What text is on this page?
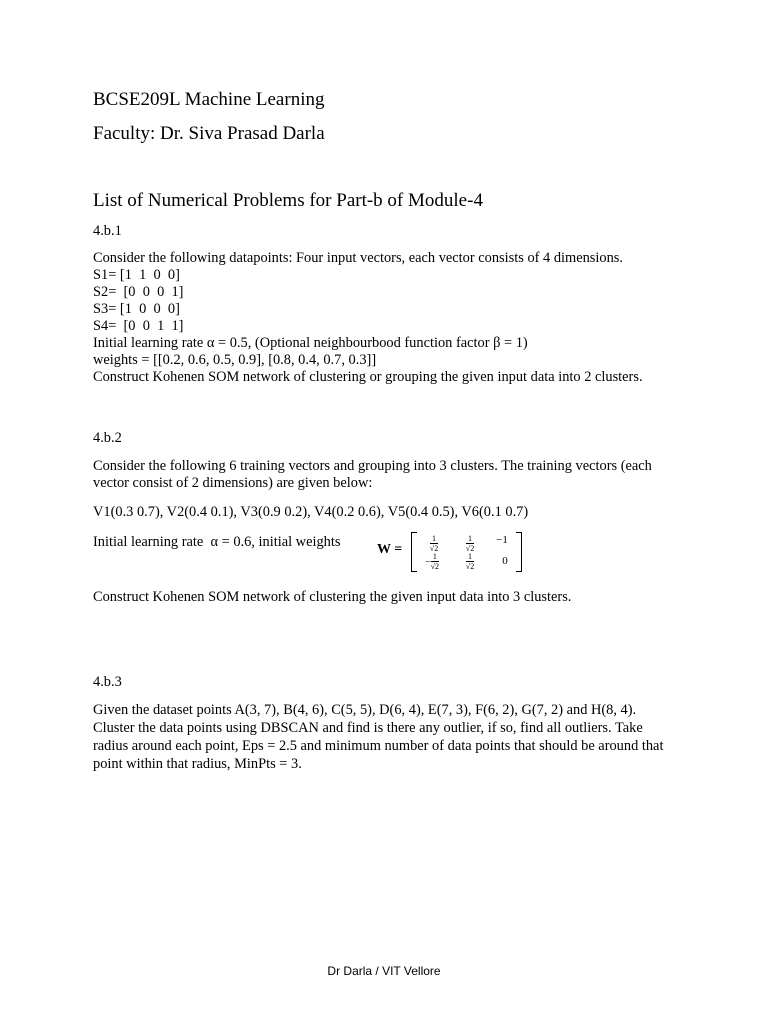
BCSE209L Machine Learning
Faculty: Dr. Siva Prasad Darla
List of Numerical Problems for Part-b of Module-4
4.b.1
Consider the following datapoints: Four input vectors, each vector consists of 4 dimensions.
S1= [1  1  0  0]
S2=  [0  0  0  1]
S3= [1  0  0  0]
S4=  [0  0  1  1]
Initial learning rate α = 0.5, (Optional neighbourbood function factor β = 1)
weights = [[0.2, 0.6, 0.5, 0.9], [0.8, 0.4, 0.7, 0.3]]
Construct Kohenen SOM network of clustering or grouping the given input data into 2 clusters.
4.b.2
Consider the following 6 training vectors and grouping into 3 clusters. The training vectors (each vector consist of 2 dimensions) are given below:
V1(0.3 0.7), V2(0.4 0.1), V3(0.9 0.2), V4(0.2 0.6), V5(0.4 0.5), V6(0.1 0.7)
Initial learning rate  α = 0.6, initial weights	W =	$\frac{1}{√2}$	$\frac{1}{√2}$	−1
− $\frac{1}{√2}$	$\frac{1}{√2}$	0
Construct Kohenen SOM network of clustering the given input data into 3 clusters.
4.b.3
Given the dataset points A(3, 7), B(4, 6), C(5, 5), D(6, 4), E(7, 3), F(6, 2), G(7, 2) and H(8, 4). Cluster the data points using DBSCAN and find is there any outlier, if so, find all outliers. Take radius around each point, Eps = 2.5 and minimum number of data points that should be around that point within that radius, MinPts = 3.
Dr Darla / VIT Vellore
